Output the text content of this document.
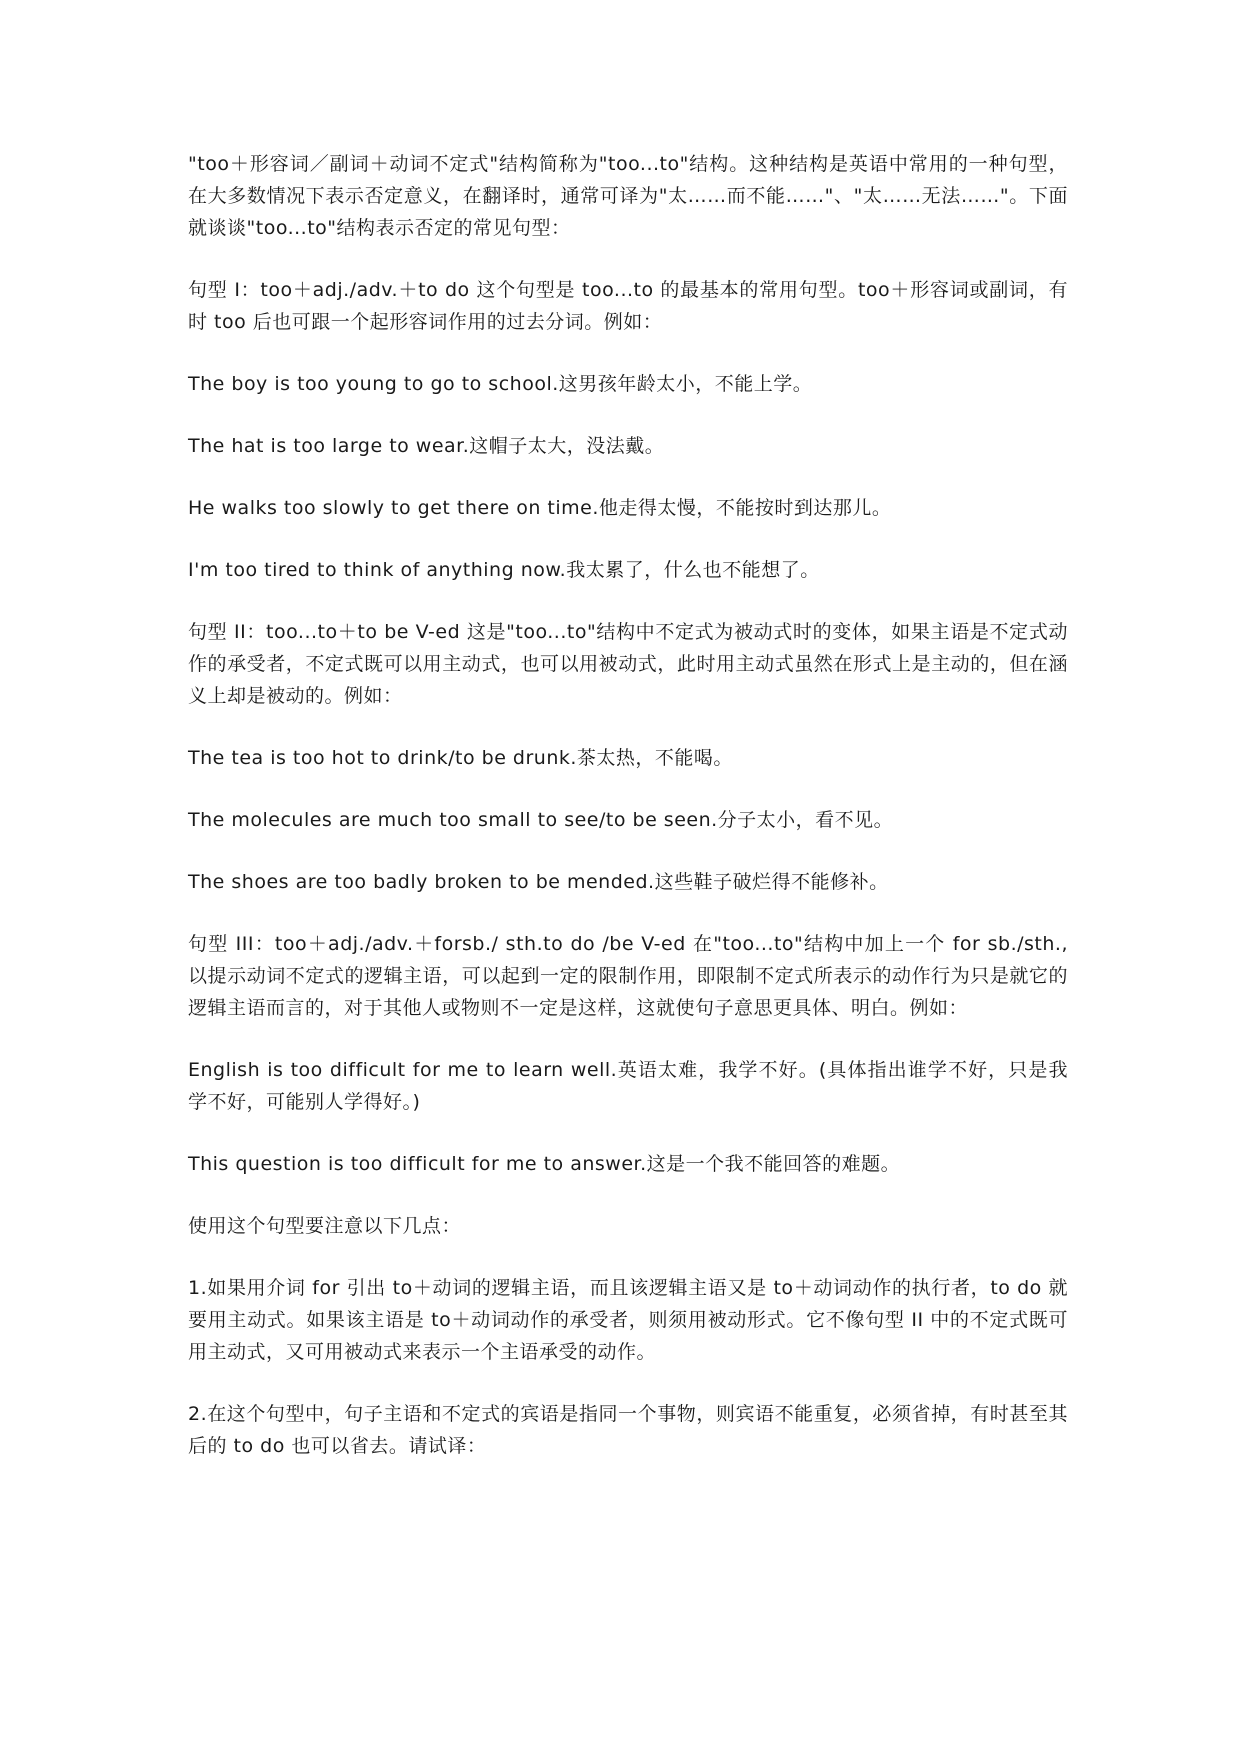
"too＋形容词／副词＋动词不定式"结构简称为"too...to"结构。这种结构是英语中常用的一种句型，在大多数情况下表示否定意义，在翻译时，通常可译为"太……而不能……"、"太……无法……"。下面就谈谈"too...to"结构表示否定的常见句型：

句型 I：too＋adj./adv.＋to do 这个句型是 too...to 的最基本的常用句型。too＋形容词或副词，有时 too 后也可跟一个起形容词作用的过去分词。例如：

The boy is too young to go to school.这男孩年龄太小，不能上学。

The hat is too large to wear.这帽子太大，没法戴。

He walks too slowly to get there on time.他走得太慢，不能按时到达那儿。

I'm too tired to think of anything now.我太累了，什么也不能想了。

句型 II：too...to＋to be V-ed 这是"too...to"结构中不定式为被动式时的变体，如果主语是不定式动作的承受者，不定式既可以用主动式，也可以用被动式，此时用主动式虽然在形式上是主动的，但在涵义上却是被动的。例如：

The tea is too hot to drink/to be drunk.茶太热，不能喝。

The molecules are much too small to see/to be seen.分子太小，看不见。

The shoes are too badly broken to be mended.这些鞋子破烂得不能修补。

句型 III：too＋adj./adv.＋forsb./ sth.to do /be V-ed 在"too...to"结构中加上一个 for sb./sth.,以提示动词不定式的逻辑主语，可以起到一定的限制作用，即限制不定式所表示的动作行为只是就它的逻辑主语而言的，对于其他人或物则不一定是这样，这就使句子意思更具体、明白。例如：

English is too difficult for me to learn well.英语太难，我学不好。(具体指出谁学不好，只是我学不好，可能别人学得好。)

This question is too difficult for me to answer.这是一个我不能回答的难题。

使用这个句型要注意以下几点：

1.如果用介词 for 引出 to＋动词的逻辑主语，而且该逻辑主语又是 to＋动词动作的执行者，to do 就要用主动式。如果该主语是 to＋动词动作的承受者，则须用被动形式。它不像句型 II 中的不定式既可用主动式，又可用被动式来表示一个主语承受的动作。

2.在这个句型中，句子主语和不定式的宾语是指同一个事物，则宾语不能重复，必须省掉，有时甚至其后的 to do 也可以省去。请试译：
